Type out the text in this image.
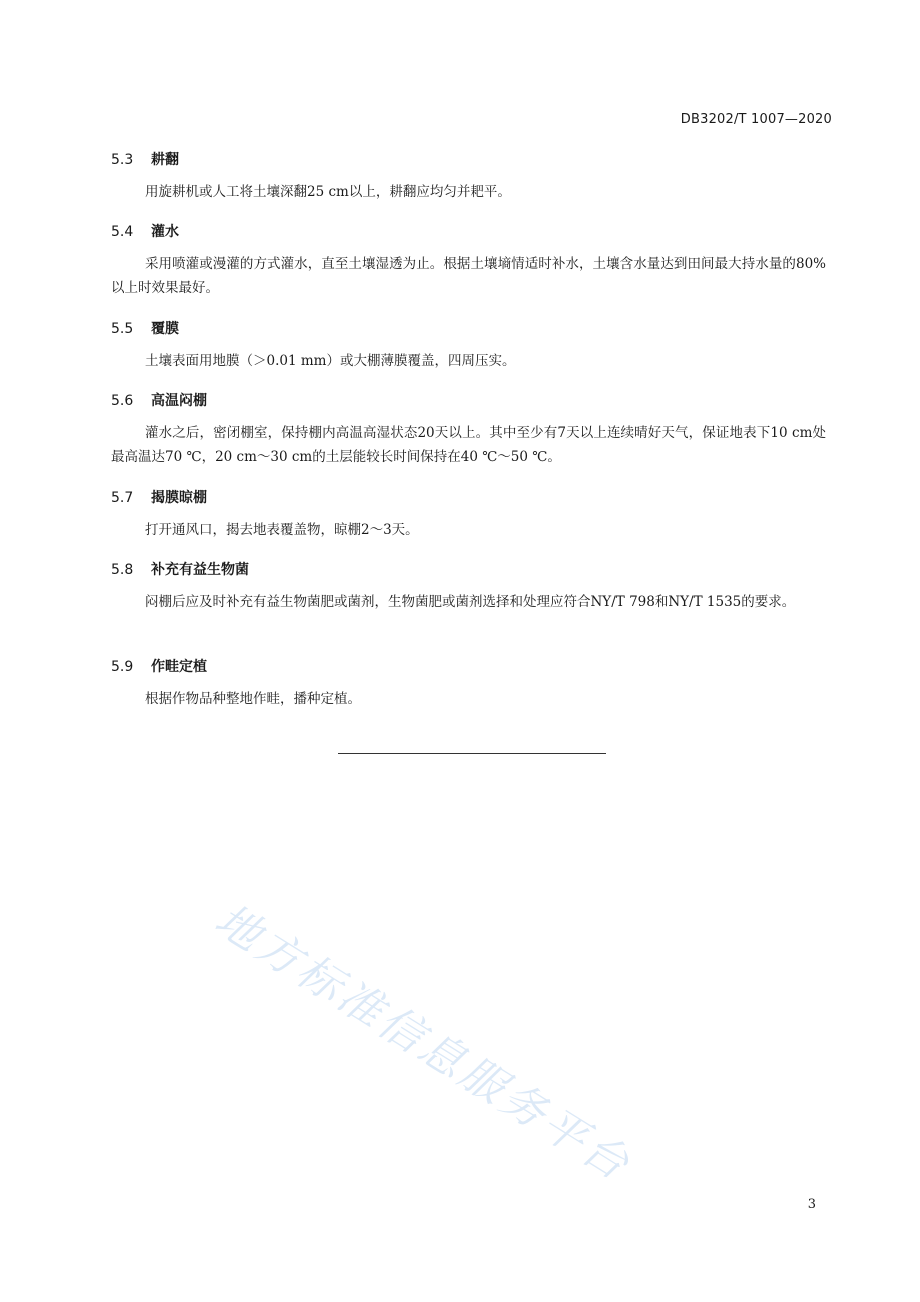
DB3202/T 1007—2020
5.3 耕翻
用旋耕机或人工将土壤深翻25 cm以上，耕翻应均匀并耙平。
5.4 灌水
采用喷灌或漫灌的方式灌水，直至土壤湿透为止。根据土壤墒情适时补水，土壤含水量达到田间最大持水量的80%以上时效果最好。
5.5 覆膜
土壤表面用地膜（＞0.01 mm）或大棚薄膜覆盖，四周压实。
5.6 高温闷棚
灌水之后，密闭棚室，保持棚内高温高湿状态20天以上。其中至少有7天以上连续晴好天气，保证地表下10 cm处最高温达70 ℃，20 cm～30 cm的土层能较长时间保持在40 ℃～50 ℃。
5.7 揭膜晾棚
打开通风口，揭去地表覆盖物，晾棚2～3天。
5.8 补充有益生物菌
闷棚后应及时补充有益生物菌肥或菌剂，生物菌肥或菌剂选择和处理应符合NY/T 798和NY/T 1535的要求。
5.9 作畦定植
根据作物品种整地作畦，播种定植。
地方标准信息服务平台
3
